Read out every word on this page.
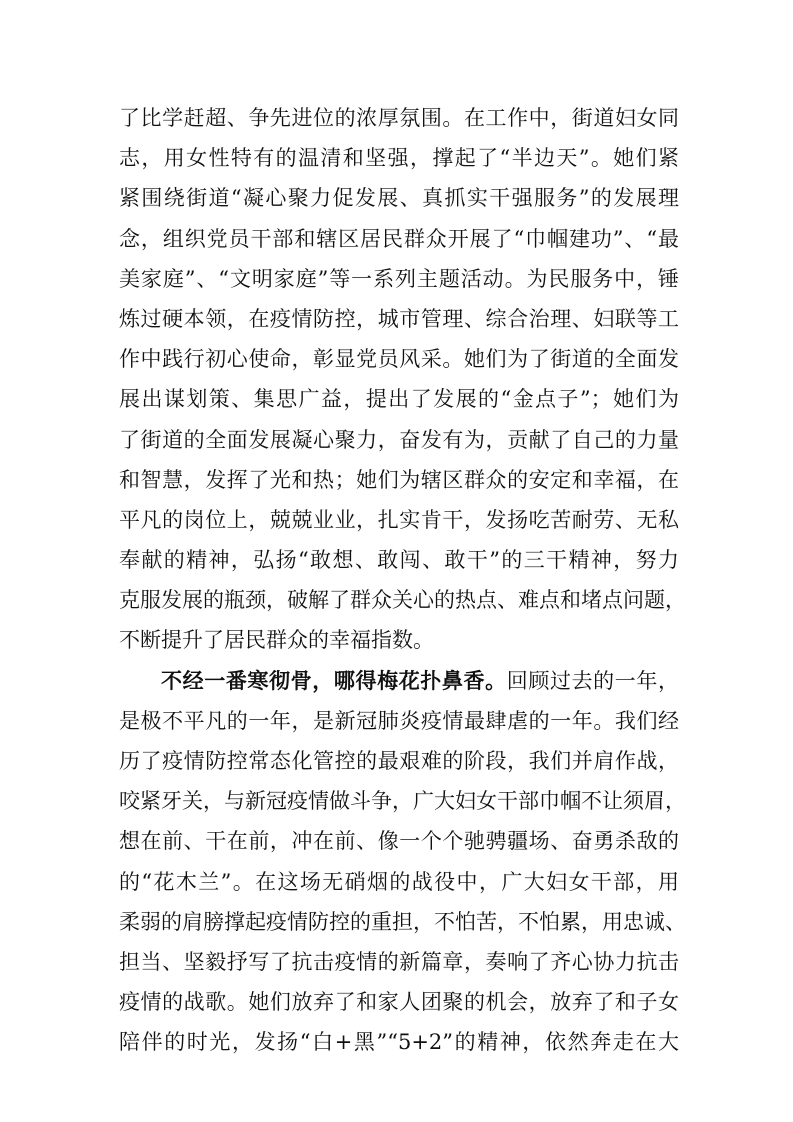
了比学赶超、争先进位的浓厚氛围。在工作中，街道妇女同
志，用女性特有的温清和坚强，撑起了“半边天”。她们紧
紧围绕街道“凝心聚力促发展、真抓实干强服务”的发展理
念，组织党员干部和辖区居民群众开展了“巾帼建功”、“最
美家庭”、“文明家庭”等一系列主题活动。为民服务中，锤
炼过硬本领，在疫情防控，城市管理、综合治理、妇联等工
作中践行初心使命，彰显党员风采。她们为了街道的全面发
展出谋划策、集思广益，提出了发展的“金点子”；她们为
了街道的全面发展凝心聚力，奋发有为，贡献了自己的力量
和智慧，发挥了光和热；她们为辖区群众的安定和幸福，在
平凡的岗位上，兢兢业业，扎实肯干，发扬吃苦耐劳、无私
奉献的精神，弘扬“敢想、敢闯、敢干”的三干精神，努力
克服发展的瓶颈，破解了群众关心的热点、难点和堵点问题，
不断提升了居民群众的幸福指数。
不经一番寒彻骨，哪得梅花扑鼻香。回顾过去的一年，
是极不平凡的一年，是新冠肺炎疫情最肆虐的一年。我们经
历了疫情防控常态化管控的最艰难的阶段，我们并肩作战，
咬紧牙关，与新冠疫情做斗争，广大妇女干部巾帼不让须眉，
想在前、干在前，冲在前、像一个个驰骋疆场、奋勇杀敌的
的“花木兰”。在这场无硝烟的战役中，广大妇女干部，用
柔弱的肩膀撑起疫情防控的重担，不怕苦，不怕累，用忠诚、
担当、坚毅抒写了抗击疫情的新篇章，奏响了齐心协力抗击
疫情的战歌。她们放弃了和家人团聚的机会，放弃了和子女
陪伴的时光，发扬“白+黑”“5+2”的精神，依然奔走在大
